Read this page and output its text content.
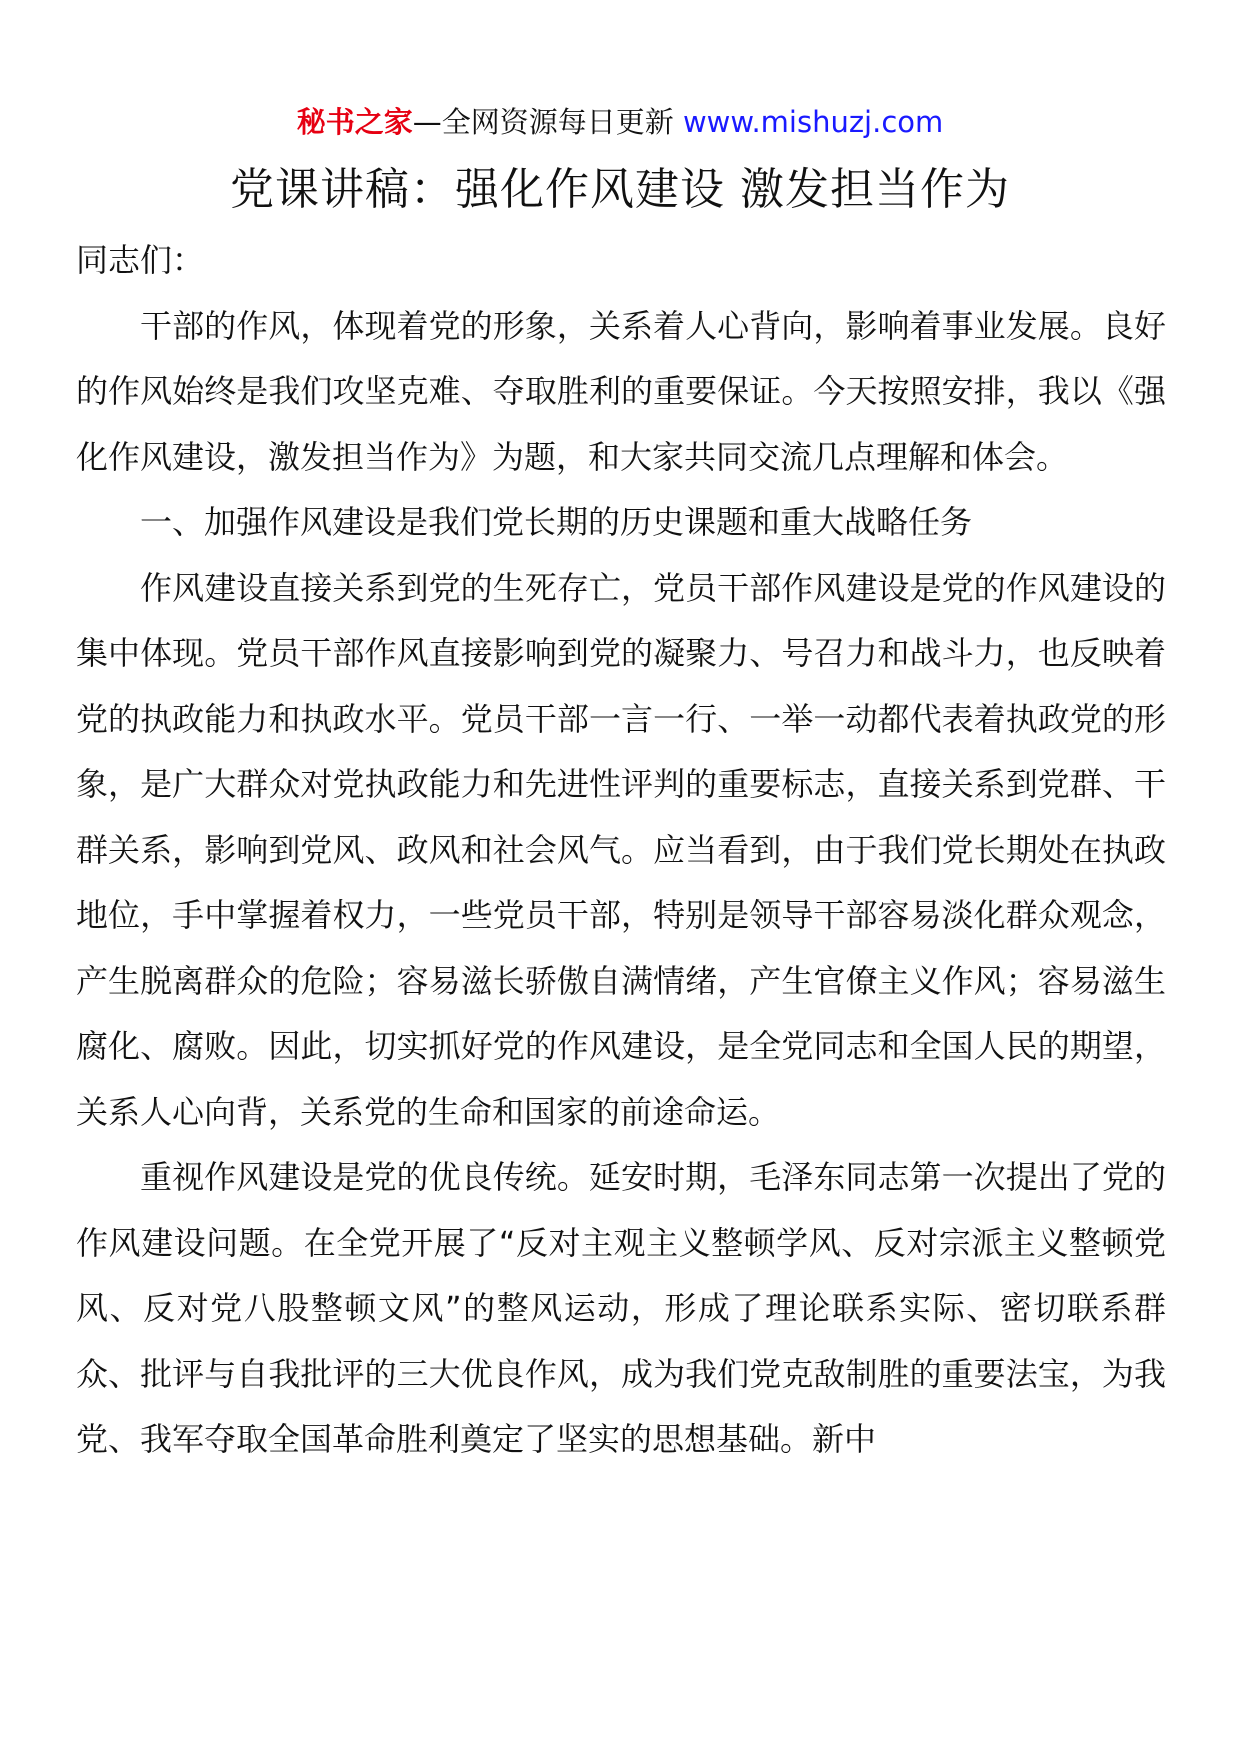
秘书之家—全网资源每日更新 www.mishuzj.com
党课讲稿：强化作风建设 激发担当作为

同志们：

干部的作风，体现着党的形象，关系着人心背向，影响着事业发展。良好的作风始终是我们攻坚克难、夺取胜利的重要保证。今天按照安排，我以《强化作风建设，激发担当作为》为题，和大家共同交流几点理解和体会。

一、加强作风建设是我们党长期的历史课题和重大战略任务

作风建设直接关系到党的生死存亡，党员干部作风建设是党的作风建设的集中体现。党员干部作风直接影响到党的凝聚力、号召力和战斗力，也反映着党的执政能力和执政水平。党员干部一言一行、一举一动都代表着执政党的形象，是广大群众对党执政能力和先进性评判的重要标志，直接关系到党群、干群关系，影响到党风、政风和社会风气。应当看到，由于我们党长期处在执政地位，手中掌握着权力，一些党员干部，特别是领导干部容易淡化群众观念，产生脱离群众的危险；容易滋长骄傲自满情绪，产生官僚主义作风；容易滋生腐化、腐败。因此，切实抓好党的作风建设，是全党同志和全国人民的期望，关系人心向背，关系党的生命和国家的前途命运。

重视作风建设是党的优良传统。延安时期，毛泽东同志第一次提出了党的作风建设问题。在全党开展了“反对主观主义整顿学风、反对宗派主义整顿党风、反对党八股整顿文风”的整风运动，形成了理论联系实际、密切联系群众、批评与自我批评的三大优良作风，成为我们党克敌制胜的重要法宝，为我党、我军夺取全国革命胜利奠定了坚实的思想基础。新中
